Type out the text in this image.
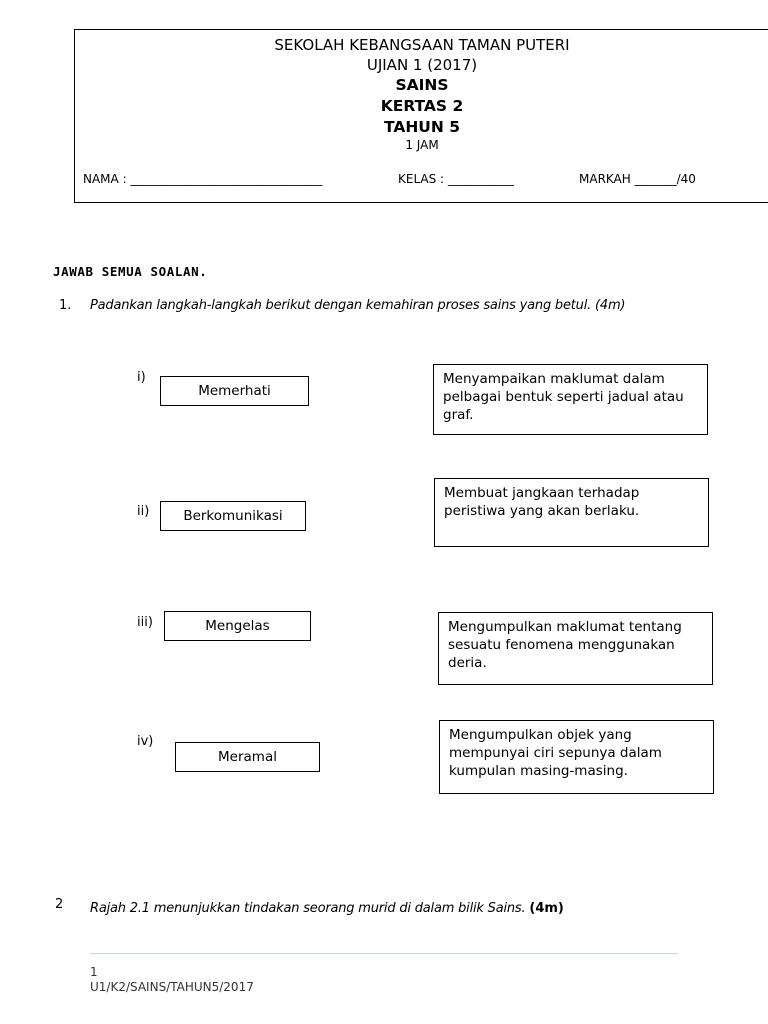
SEKOLAH KEBANGSAAN TAMAN PUTERI
UJIAN 1 (2017)
SAINS
KERTAS 2
TAHUN 5
1 JAM
NAMA : ________________________________	KELAS : ___________	MARKAH _______/40
JAWAB SEMUA SOALAN.
1. Padankan langkah-langkah berikut dengan kemahiran proses sains yang betul. (4m)
i)
Memerhati
Menyampaikan maklumat dalam pelbagai bentuk seperti jadual atau graf.
ii)	Berkomunikasi
Membuat jangkaan terhadap peristiwa yang akan berlaku.
iii)	Mengelas	Mengumpulkan maklumat tentang sesuatu fenomena menggunakan deria.
iv)
Meramal
Mengumpulkan objek yang mempunyai ciri sepunya dalam kumpulan masing-masing.
2 Rajah 2.1 menunjukkan tindakan seorang murid di dalam bilik Sains. (4m)
1
U1/K2/SAINS/TAHUN5/2017
